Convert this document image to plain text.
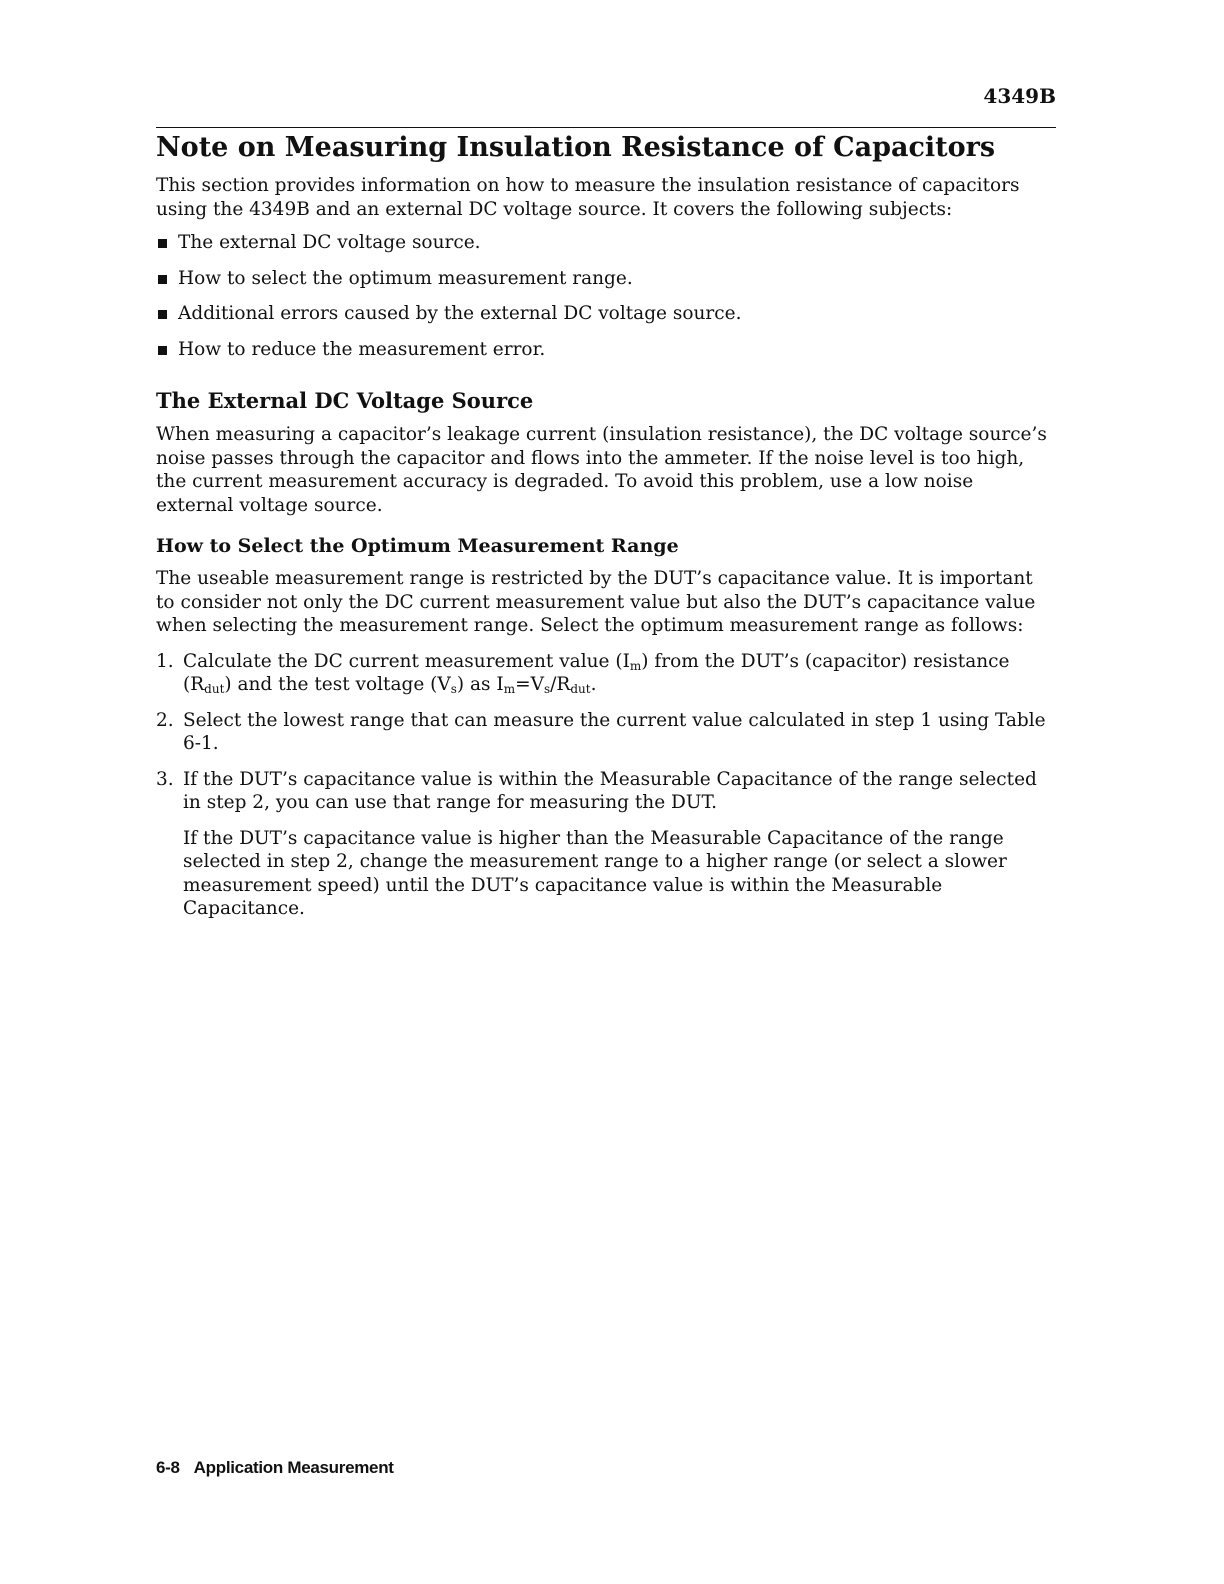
4349B
Note on Measuring Insulation Resistance of Capacitors

This section provides information on how to measure the insulation resistance of capacitors using the 4349B and an external DC voltage source. It covers the following subjects:

The external DC voltage source.
How to select the optimum measurement range.
Additional errors caused by the external DC voltage source.
How to reduce the measurement error.
The External DC Voltage Source

When measuring a capacitor’s leakage current (insulation resistance), the DC voltage source’s noise passes through the capacitor and flows into the ammeter. If the noise level is too high, the current measurement accuracy is degraded. To avoid this problem, use a low noise external voltage source.

How to Select the Optimum Measurement Range

The useable measurement range is restricted by the DUT’s capacitance value. It is important to consider not only the DC current measurement value but also the DUT’s capacitance value when selecting the measurement range. Select the optimum measurement range as follows:

1. Calculate the DC current measurement value $(I_m)$ from the DUT’s (capacitor) resistance $(R_{dut})$ and the test voltage $(V_s)$ as $I_m=V_s/R_{dut}$.
2. Select the lowest range that can measure the current value calculated in step 1 using Table 6-1.
3. If the DUT’s capacitance value is within the Measurable Capacitance of the range selected in step 2, you can use that range for measuring the DUT.

If the DUT’s capacitance value is higher than the Measurable Capacitance of the range selected in step 2, change the measurement range to a higher range (or select a slower measurement speed) until the DUT’s capacitance value is within the Measurable Capacitance.

6-8 Application Measurement
